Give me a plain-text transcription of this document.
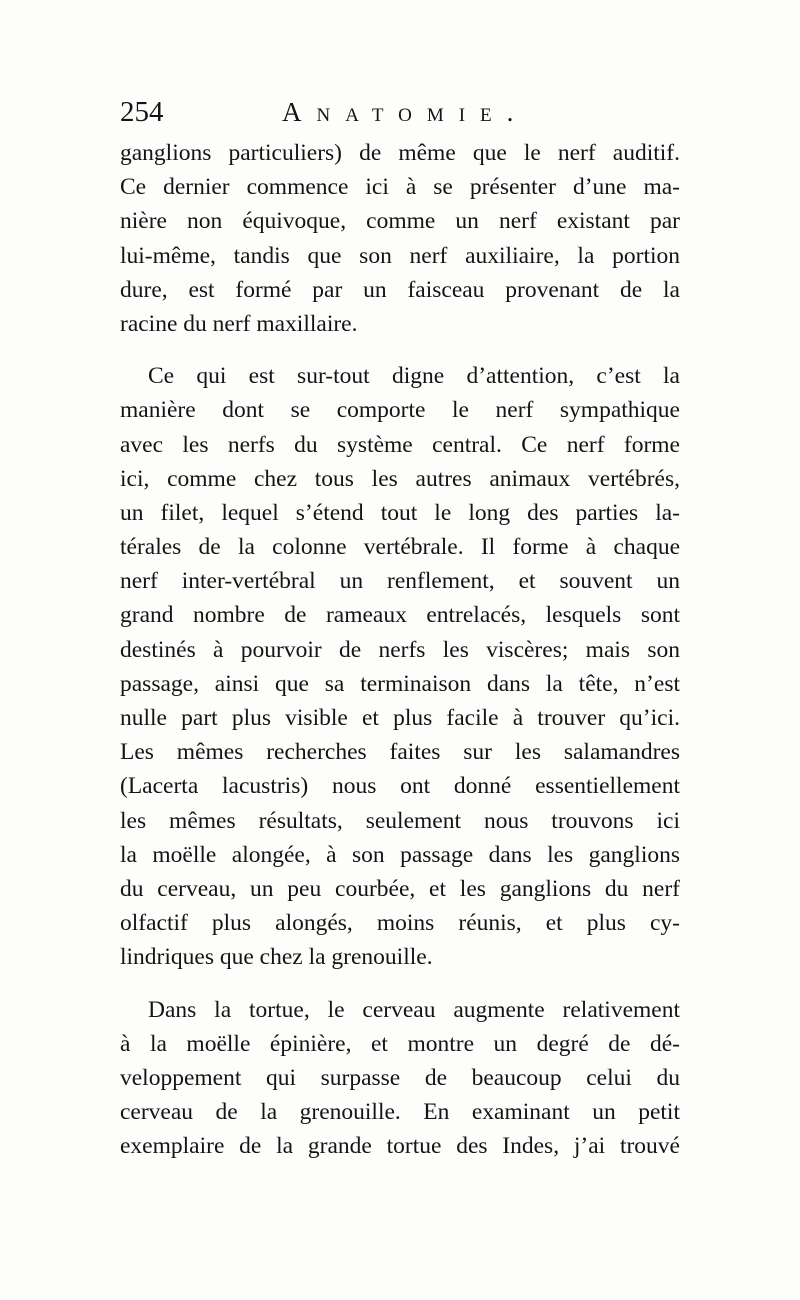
254	Anatomie.
ganglions particuliers) de même que le nerf auditif.
Ce dernier commence ici à se présenter d’une ma-
nière non équivoque, comme un nerf existant par
lui-même, tandis que son nerf auxiliaire, la portion
dure, est formé par un faisceau provenant de la
racine du nerf maxillaire.
Ce qui est sur-tout digne d’attention, c’est la
manière dont se comporte le nerf sympathique
avec les nerfs du système central. Ce nerf forme
ici, comme chez tous les autres animaux vertébrés,
un filet, lequel s’étend tout le long des parties la-
térales de la colonne vertébrale. Il forme à chaque
nerf inter-vertébral un renflement, et souvent un
grand nombre de rameaux entrelacés, lesquels sont
destinés à pourvoir de nerfs les viscères; mais son
passage, ainsi que sa terminaison dans la tête, n’est
nulle part plus visible et plus facile à trouver qu’ici.
Les mêmes recherches faites sur les salamandres
(Lacerta lacustris) nous ont donné essentiellement
les mêmes résultats, seulement nous trouvons ici
la moëlle alongée, à son passage dans les ganglions
du cerveau, un peu courbée, et les ganglions du nerf
olfactif plus alongés, moins réunis, et plus cy-
lindriques que chez la grenouille.
Dans la tortue, le cerveau augmente relativement
à la moëlle épinière, et montre un degré de dé-
veloppement qui surpasse de beaucoup celui du
cerveau de la grenouille. En examinant un petit
exemplaire de la grande tortue des Indes, j’ai trouvé
